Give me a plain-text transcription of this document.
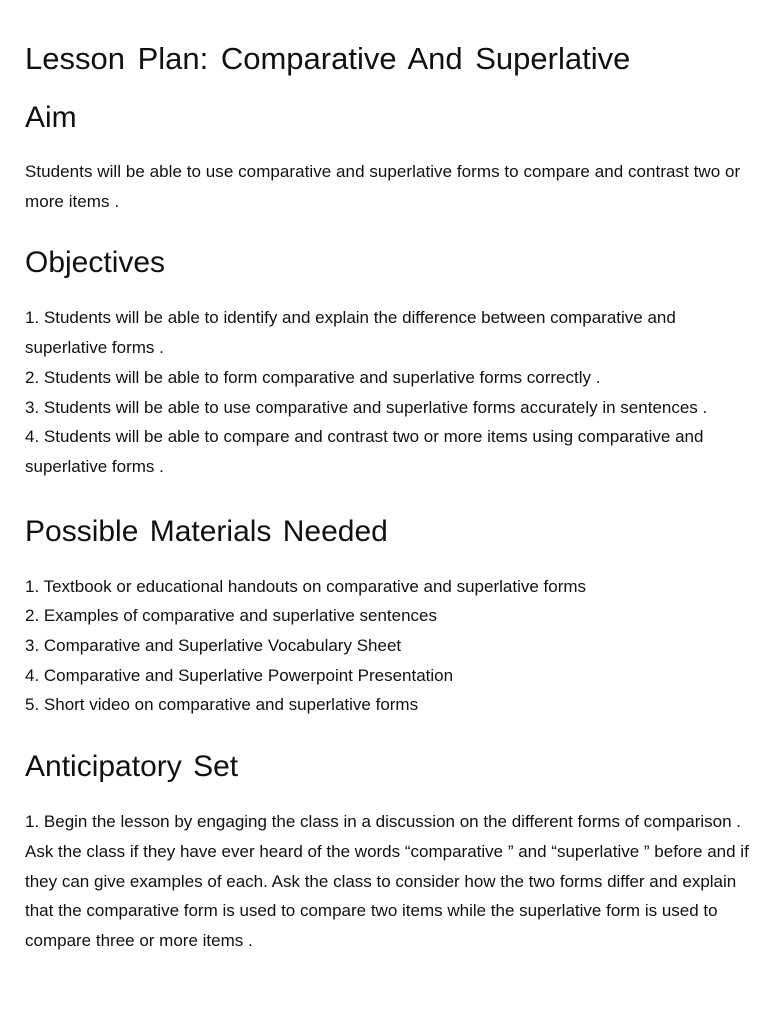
Lesson Plan: Comparative And Superlative
Aim

Students will be able to use comparative and superlative forms to compare and contrast two or more items .

Objectives
1. Students will be able to identify and explain the difference between comparative and superlative forms .
2. Students will be able to form comparative and superlative forms correctly .
3. Students will be able to use comparative and superlative forms accurately in sentences .
4. Students will be able to compare and contrast two or more items using comparative and superlative forms .
Possible Materials Needed
1. Textbook or educational handouts on comparative and superlative forms
2. Examples of comparative and superlative sentences
3. Comparative and Superlative Vocabulary Sheet
4. Comparative and Superlative Powerpoint Presentation
5. Short video on comparative and superlative forms
Anticipatory Set
1. Begin the lesson by engaging the class in a discussion on the different forms of comparison . Ask the class if they have ever heard of the words “comparative ” and “superlative ” before and if they can give examples of each. Ask the class to consider how the two forms differ and explain that the comparative form is used to compare two items while the superlative form is used to compare three or more items .
